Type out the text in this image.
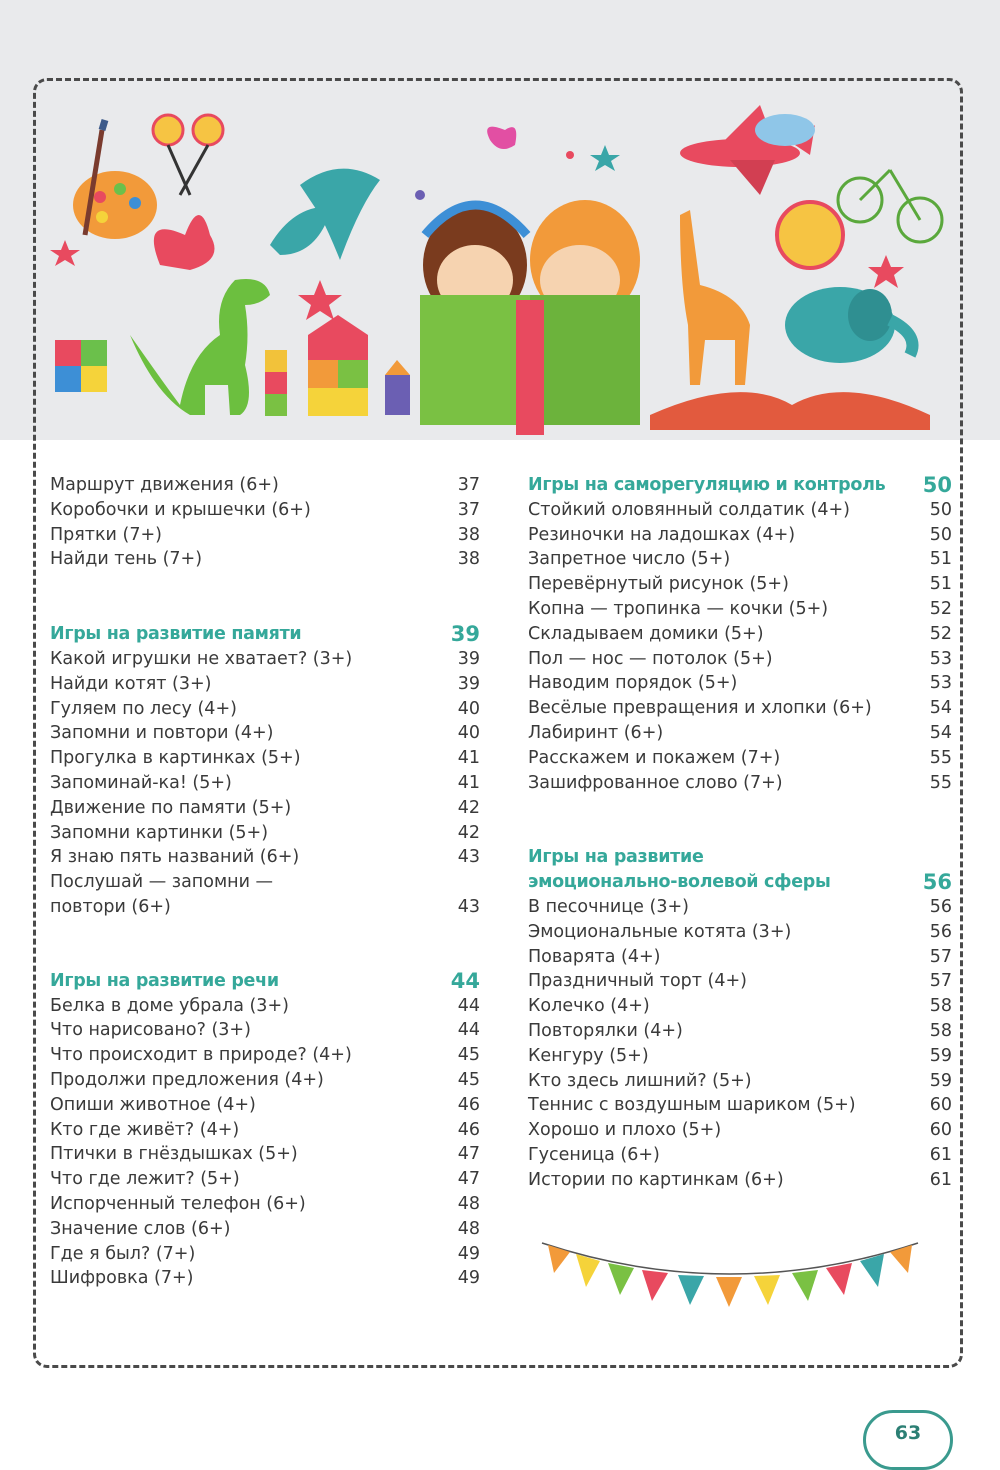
Маршрут движения (6+)	37
Коробочки и крышечки (6+)	37
Прятки (7+)	38
Найди тень (7+)	38
Игры на развитие памяти	39
Какой игрушки не хватает? (3+)	39
Найди котят (3+)	39
Гуляем по лесу (4+)	40
Запомни и повтори (4+)	40
Прогулка в картинках (5+)	41
Запоминай-ка! (5+)	41
Движение по памяти (5+)	42
Запомни картинки (5+)	42
Я знаю пять названий (6+)	43
Послушай — запомни —
повтори (6+)	43
Игры на развитие речи	44
Белка в доме убрала (3+)	44
Что нарисовано? (3+)	44
Что происходит в природе? (4+)	45
Продолжи предложения (4+)	45
Опиши животное (4+)	46
Кто где живёт? (4+)	46
Птички в гнёздышках (5+)	47
Что где лежит? (5+)	47
Испорченный телефон (6+)	48
Значение слов (6+)	48
Где я был? (7+)	49
Шифровка (7+)	49
Игры на саморегуляцию и контроль 50
Стойкий оловянный солдатик (4+)	50
Резиночки на ладошках (4+)	50
Запретное число (5+)	51
Перевёрнутый рисунок (5+)	51
Копна — тропинка — кочки (5+)	52
Складываем домики (5+)	52
Пол — нос — потолок (5+)	53
Наводим порядок (5+)	53
Весёлые превращения и хлопки (6+)	54
Лабиринт (6+)	54
Расскажем и покажем (7+)	55
Зашифрованное слово (7+)	55
Игры на развитие
эмоционально-волевой сферы	56
В песочнице (3+)	56
Эмоциональные котята (3+)	56
Поварята (4+)	57
Праздничный торт (4+)	57
Колечко (4+)	58
Повторялки (4+)	58
Кенгуру (5+)	59
Кто здесь лишний? (5+)	59
Теннис с воздушным шариком (5+)	60
Хорошо и плохо (5+)	60
Гусеница (6+)	61
Истории по картинкам (6+)	61
63
